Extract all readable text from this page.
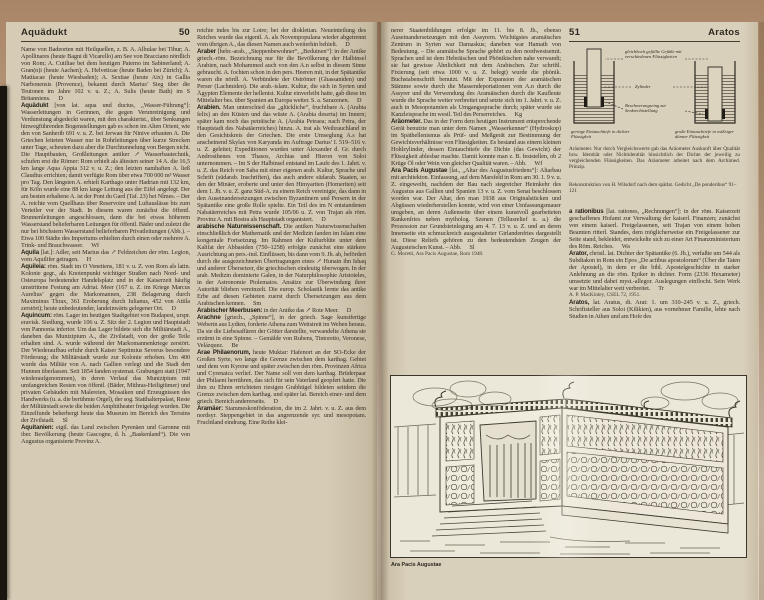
Aquädukt	50

Name von Badeorten mit Heilquellen, z. B. A. Albulae bei Tibur; A. Apollinares (heute Bagni di Vicarello) am See von Bracciano nördlich von Rom; A. Cutiliae bei dem heutigen Paterno im Sabinerland; A. Gran(n)i (heute Aachen); A. Helveticae (heute Baden bei Zürich); A. Mattiacae (heute Wiesbaden); A. Sextiae (heute Aix) in Gallia Narbonensis (Provence), bekannt durch Marius’ Sieg über die Teutonen im Jahre 102 v. u. Z.; A. Sulis (heute Bath) im S Britanniens. D

Aquädukt [von lat. aqua und ductus, „Wasser-Führung“]: Wasserleitungen in Gerinnen, die gegen Verunreinigung und Verdunstung abgedeckt waren, mit den charakterist., über Senkungen hinwegführenden Bogenstellungen gab es schon im Alten Orient, wie den von Sanherib 691 v. u. Z. bei Jerwan für Ninive erbauten A. Die Griechen leiteten Wasser nur in Rohrleitungen über kurze Strecken unter Tage, scheuten dazu aber die Durchtunnelung von Bergen nicht. Die Hauptbauten, Großleitungen antiker ↗ Wasserbautechnik, schufen erst die Römer: Rom erhielt als ältesten seiner 14 A. die 16,5 km lange Aqua Appia 312 v. u. Z.; den letzten namhaften A. ließ Claudius errichten; damit verfügte Rom über etwa 700 000 m³ Wasser pro Tag. Den längsten A. erhielt Karthago unter Hadrian mit 132 km, für Köln wurde eine 88 km lange Leitung aus der Eifel angelegt. Der am besten erhaltene A. ist der Pont du Gard (Taf. 23) bei Nîmes. – Der A. reichte vom Quellhaus über Reservoire und Luftauslässe bis zum Verteiler vor der Stadt. In diesem waren zunächst die öffentl. Brunnenleitungen angeschlossen, dann die bei etwas höherem Wasserstand belieferbaren Leitungen für öffentl. Bäder und zuletzt die nur bei höchstem Wasserstand belieferbaren Privatleitungen (Abb.). – Etwa 100 Städte des Imperiums erhielten durch einen oder mehrere A. Trink- und Brauchwasser. Wf

Aquila [lat.]: Adler, seit Marius das ↗ Feldzeichen der röm. Legion, vom Aquilifer getragen. H

Aquileia: röm. Stadt im O Venetiens, 181 v. u. Z. von Rom als latin. Kolonie gegr., als Knotenpunkt wichtiger Straßen nach Nord- und Osteuropa bedeutender Handelsplatz und in der Kaiserzeit häufig umstrittene Festung am Adriat. Meer (167 u. Z. im Kriege Marcus Aurelius’ gegen die Markomannen, 238 Belagerung durch Maximinus Thrax, 361 Eroberung durch Iulianus, 452 von Attila zerstört); heute unbedeutender, landeinwärts gelegener Ort. D

Aquincum: röm. Lager im heutigen Stadtgebiet von Budapest, urspr. eravisk. Siedlung, wurde 106 u. Z. Sitz der 2. Legion und Hauptstadt von Pannonia inferior. Um das Lager bildete sich die Militärstadt A., daneben das Munizipium A., die Zivilstadt, von der große Teile erhalten sind. A. wurde während der Markomannenkriege zerstört. Der Wiederaufbau erfuhr durch Kaiser Septimius Severus besondere Förderung; die Militärstadt wurde zur Kolonie erhoben. Um 400 wurde das Militär von A. nach Gallien verlegt und die Stadt den Hunnen überlassen. Seit 1854 fanden systemat. Grabungen statt (1947 wiederaufgenommen), in deren Verlauf das Munizipium mit umfangreichen Resten von öffentl. (Bäder, Mithras-Heiligtümer) und privaten Gebäuden mit Malereien, Mosaiken und Erzeugnissen des Handwerks (u. a. die berühmte Orgel), der sog. Statthalterpalast, Reste der Militärstadt sowie die beiden Amphitheater freigelegt wurden. Die Einzelfunde beherbergt heute das Museum im Bereich des Terrains der Zivilstadt. Sl

Aquitanien: eigtl. das Land zwischen Pyrenäen und Garonne mit iber. Bevölkerung (heute Gascogne, d. h. „Baskenland“). Die von Augustus organisierte Provinz A.

reichte indes bis zur Loire; bei der diokletian. Neueinteilung des Reiches wurde das eigentl. A. als Novempopulana wieder abgetrennt vom übrigen A., das diesen Namen auch weiterhin behielt. D

Araber [hebr.-arab., „Steppenbewohner“, „Beduinen“]: in der Antike griech.-röm. Bezeichnung nur für die Bevölkerung der Halbinsel Arabien, nach Mohammed auch von den A.n selbst in diesem Sinne gebraucht. A. fochten schon in den pers. Heeren mit, in der Spätantike waren die nördl. A. Verbündete der Oströmer (Ghassaniden) und Perser (Lachmiden). Die arab.-islam. Kultur, die sich in Syrien und Ägypten Elemente der hellenist. Kultur einverleibt hatte, gab diese im Mittelalter bes. über Spanien an Europa weiter. S. a. Sarazenen. D

Arabien. Man unterschied das „glückliche“, fruchtbare A. (Arabia felix) an den Küsten und das wüste A. (Arabia deserta) im Innern; später kam noch das peträische A. (Arabia Petraea; nach Petra, der Hauptstadt des Nabatäerreiches) hinzu. A. trat als Weihrauchland in den Gesichtskreis der Griechen. Die erste Umseglung A.s hat anscheinend Skylax von Karyanda im Auftrage Darius’ I. 519–516 v. u. Z. geleitet; Expeditionen wurden unter Alexander d. Gr. durch Androsthenes von Thasos, Archias und Hieron von Soloi unternommen. – Im S der Halbinsel entstand im Laufe des 1. Jahrt. v. u. Z. das Reich von Saba mit einer eigenen arab. Kultur, Sprache und Schrift (südarab. Inschriften), das auch andere südarab. Staaten, so den der Minäer, eroberte und unter den Himyariten (Homeriten) seit dem 1. Jh. v. u. Z. ganz Süd-A. zu einem Reich vereinigte, das dann in den Auseinandersetzungen zwischen Byzantinern und Persern in der Spätantike eine große Rolle spielte. Ein Teil des im N entstandenen Nabatäerreiches mit Petra wurde 105/06 u. Z. von Trajan als röm. Provinz A. mit Bostra als Hauptstadt organisiert. D

arabische Naturwissenschaft. Die antiken Naturwissenschaften einschließlich der Mathematik und der Medizin fanden im Islam eine kongeniale Fortsetzung. Im Rahmen der Kulturblüte unter dem Kalifat der Abbasiden (750–1258) erfolgte zunächst eine stärkere Ausrichtung an pers.-ind. Einflüssen, bis dann vom 9. Jh. ab, befördert durch die ausgezeichneten Übertragungen eines ↗ Hunain ibn Ishaq und anderer Übersetzer, die griechischen eindeutig überwogen. In der arab. Medizin dominierte Galen, in der Naturphilosophie Aristoteles, in der Astronomie Ptolemaios. Ansätze zur Überwindung ihrer Autorität blieben vereinzelt. Die europ. Scholastik lernte das antike Erbe auf diesen Gebieten zuerst durch Übersetzungen aus dem Arabischen kennen. Sm

Arabischer Meerbusen: in der Antike das ↗ Rote Meer. D

Arachne [griech., „Spinne“], in der griech. Sage kunstfertige Weberin aus Lydien, forderte Athena zum Wettstreit im Weben heraus. Da sie die Liebesaffären der Götter darstellte, verwandelte Athena sie erzürnt in eine Spinne. – Gemälde von Rubens, Tintoretto, Veronese, Velázquez. Be

Arae Philaenorum, heute Muktar: Hafenort an der SO-Ecke der Großen Syrte, wo lange die Grenze zwischen dem karthag. Gebiet und dem von Kyrene und später zwischen den röm. Provinzen Africa und Cyrenaica verlief. Der Name soll von dem karthag. Brüderpaar der Philaeni herrühren, das sich für sein Vaterland geopfert hatte. Die ihm zu Ehren errichteten riesigen Grabhügel bildeten seitdem die Grenze zwischen dem karthag. und später lat. Bereich einer- und dem griech. Bereich andererseits. D

Aramäer: Stammeskonföderation, die im 2. Jahrt. v. u. Z. aus dem nordsyr. Steppengebiet in das angrenzende syr. und mesopotam. Fruchtland eindrang. Eine Reihe klei-

nerer Staatenbildungen erfolgte im 11. bis 8. Jh., ebenso Auseinandersetzungen mit den Assyrern. Wichtigstes aramäisches Zentrum in Syrien war Damaskus; daneben war Hamath von Bedeutung. – Die aramäische Sprache gehört zu den nordwestsemit. Sprachen und ist dem Hebräischen und Phönikischen nahe verwandt; sie hat gewisse Ähnlichkeit mit dem Arabischen. Zur schriftl. Fixierung (seit etwa 1000 v. u. Z. belegt) wurde die phönik. Buchstabenschrift benutzt. Mit der Expansion der aramäischen Stämme sowie durch die Massendeportationen von A.n durch die Assyrer und die Verwendung des Aramäischen durch die Kaufleute wurde die Sprache weiter verbreitet und setzte sich im 1. Jahrt. v. u. Z. auch in Mesopotamien als Umgangssprache durch; später wurde sie Kanzleisprache im westl. Teil des Perserreiches. Kg

Aräometer. Das in der Form dem heutigen Instrument entsprechende Gerät benutzte man unter dem Namen „Wasserkenner“ (Hydroskop) im Späthellenismus als Prüf- und Meßgerät zur Bestimmung der Gewichtsverhältnisse von Flüssigkeiten. Es bestand aus einem kleinen Hohlzylinder, dessen Eintauchtiefe die Dichte (das Gewicht) der Flüssigkeit ablesbar machte. Damit konnte man z. B. feststellen, ob 2 Krüge Öl oder Wein von gleicher Qualität waren. – Abb. Wf

Ara Pacis Augustae [lat., „Altar des Augustusfriedens“]: Altarbau mit architekton. Einfassung, auf dem Marsfeld in Rom am 30. 1. 9 v. u. Z. eingeweiht, nachdem der Bau nach siegreicher Heimkehr des Augustus aus Gallien und Spanien 13 v. u. Z. vom Senat beschlossen worden war. Der Altar, den man 1938 aus Originalstücken und Abgüssen wiederherstellen konnte, wird von einer Umfassungsmauer umgeben, an deren Außenseite über einem kunstvoll gearbeiteten Rankenfries neben mytholog. Szenen (Tellusrelief u. a.) die Prozession zur Grundsteinlegung am 4. 7. 13 v. u. Z. und an deren Innenseite ein schmuckreich ausgestalteter Girlandenfries dargestellt ist. Diese Reliefs gehören zu den bedeutendsten Zeugen der Augusteischen Kunst. – Abb. Sl

G. Moretti, Ara Pacis Augustae, Rom 1948.
51	Aratos
gleichhoch gefüllte Gefäße mit verschiedenen Flüssigkeiten
Zylinder
Beschwerungsring zur Senkrechtstellung
geringe Eintauchtiefe in dichter Flüssigkeit
große Eintauchtiefe in wäßriger dünner Flüssigkeit
Aräometer. Nur durch Vergleichswerte gab das Aräometer Auskunft über Qualität bzw. Identität oder Nichtidentität hinsichtlich der Dichte der jeweilig zu vergleichenden Flüssigkeiten. Das Aräometer arbeitet nach dem Archimed. Prinzip.
Rekonstruktion von H. Wilsdorf nach dem spätlat. Gedicht „De ponderibus“ 91–121

a rationibus [lat. rationes, „Rechnungen“]: in der röm. Kaiserzeit geschaffenes Hofamt zur Verwaltung der kaiserl. Finanzen; zunächst von einem kaiserl. Freigelassenen, seit Trajan von einem hohen Beamten ritterl. Standes, dem möglicherweise ein Freigelassener zur Seite stand, bekleidet, entwickelte sich zu einer Art Finanzministerium des Röm. Reiches. Wa

Arator, christl. lat. Dichter der Spätantike (6. Jh.), verfaßte um 544 als Subdiakon in Rom ein Epos „De actibus apostolorum“ (Über die Taten der Apostel), in dem er die bibl. Apostelgeschichte in starker Anlehnung an die röm. Epiker in dichter. Form (2336 Hexameter) umsetzte und dabei myst.-allegor. Auslegungen einflocht. Sein Werk war im Mittelalter weit verbreitet. Tr

A. P. MacKinley, CSEL 72, 1951.

Aratos, lat. Aratus, dt. Arat: 1. um 310–245 v. u. Z., griech. Schriftsteller aus Soloi (Kilikien), aus vornehmer Familie, lebte nach Studien in Athen und am Hofe des

Ara Pacis Augustae
